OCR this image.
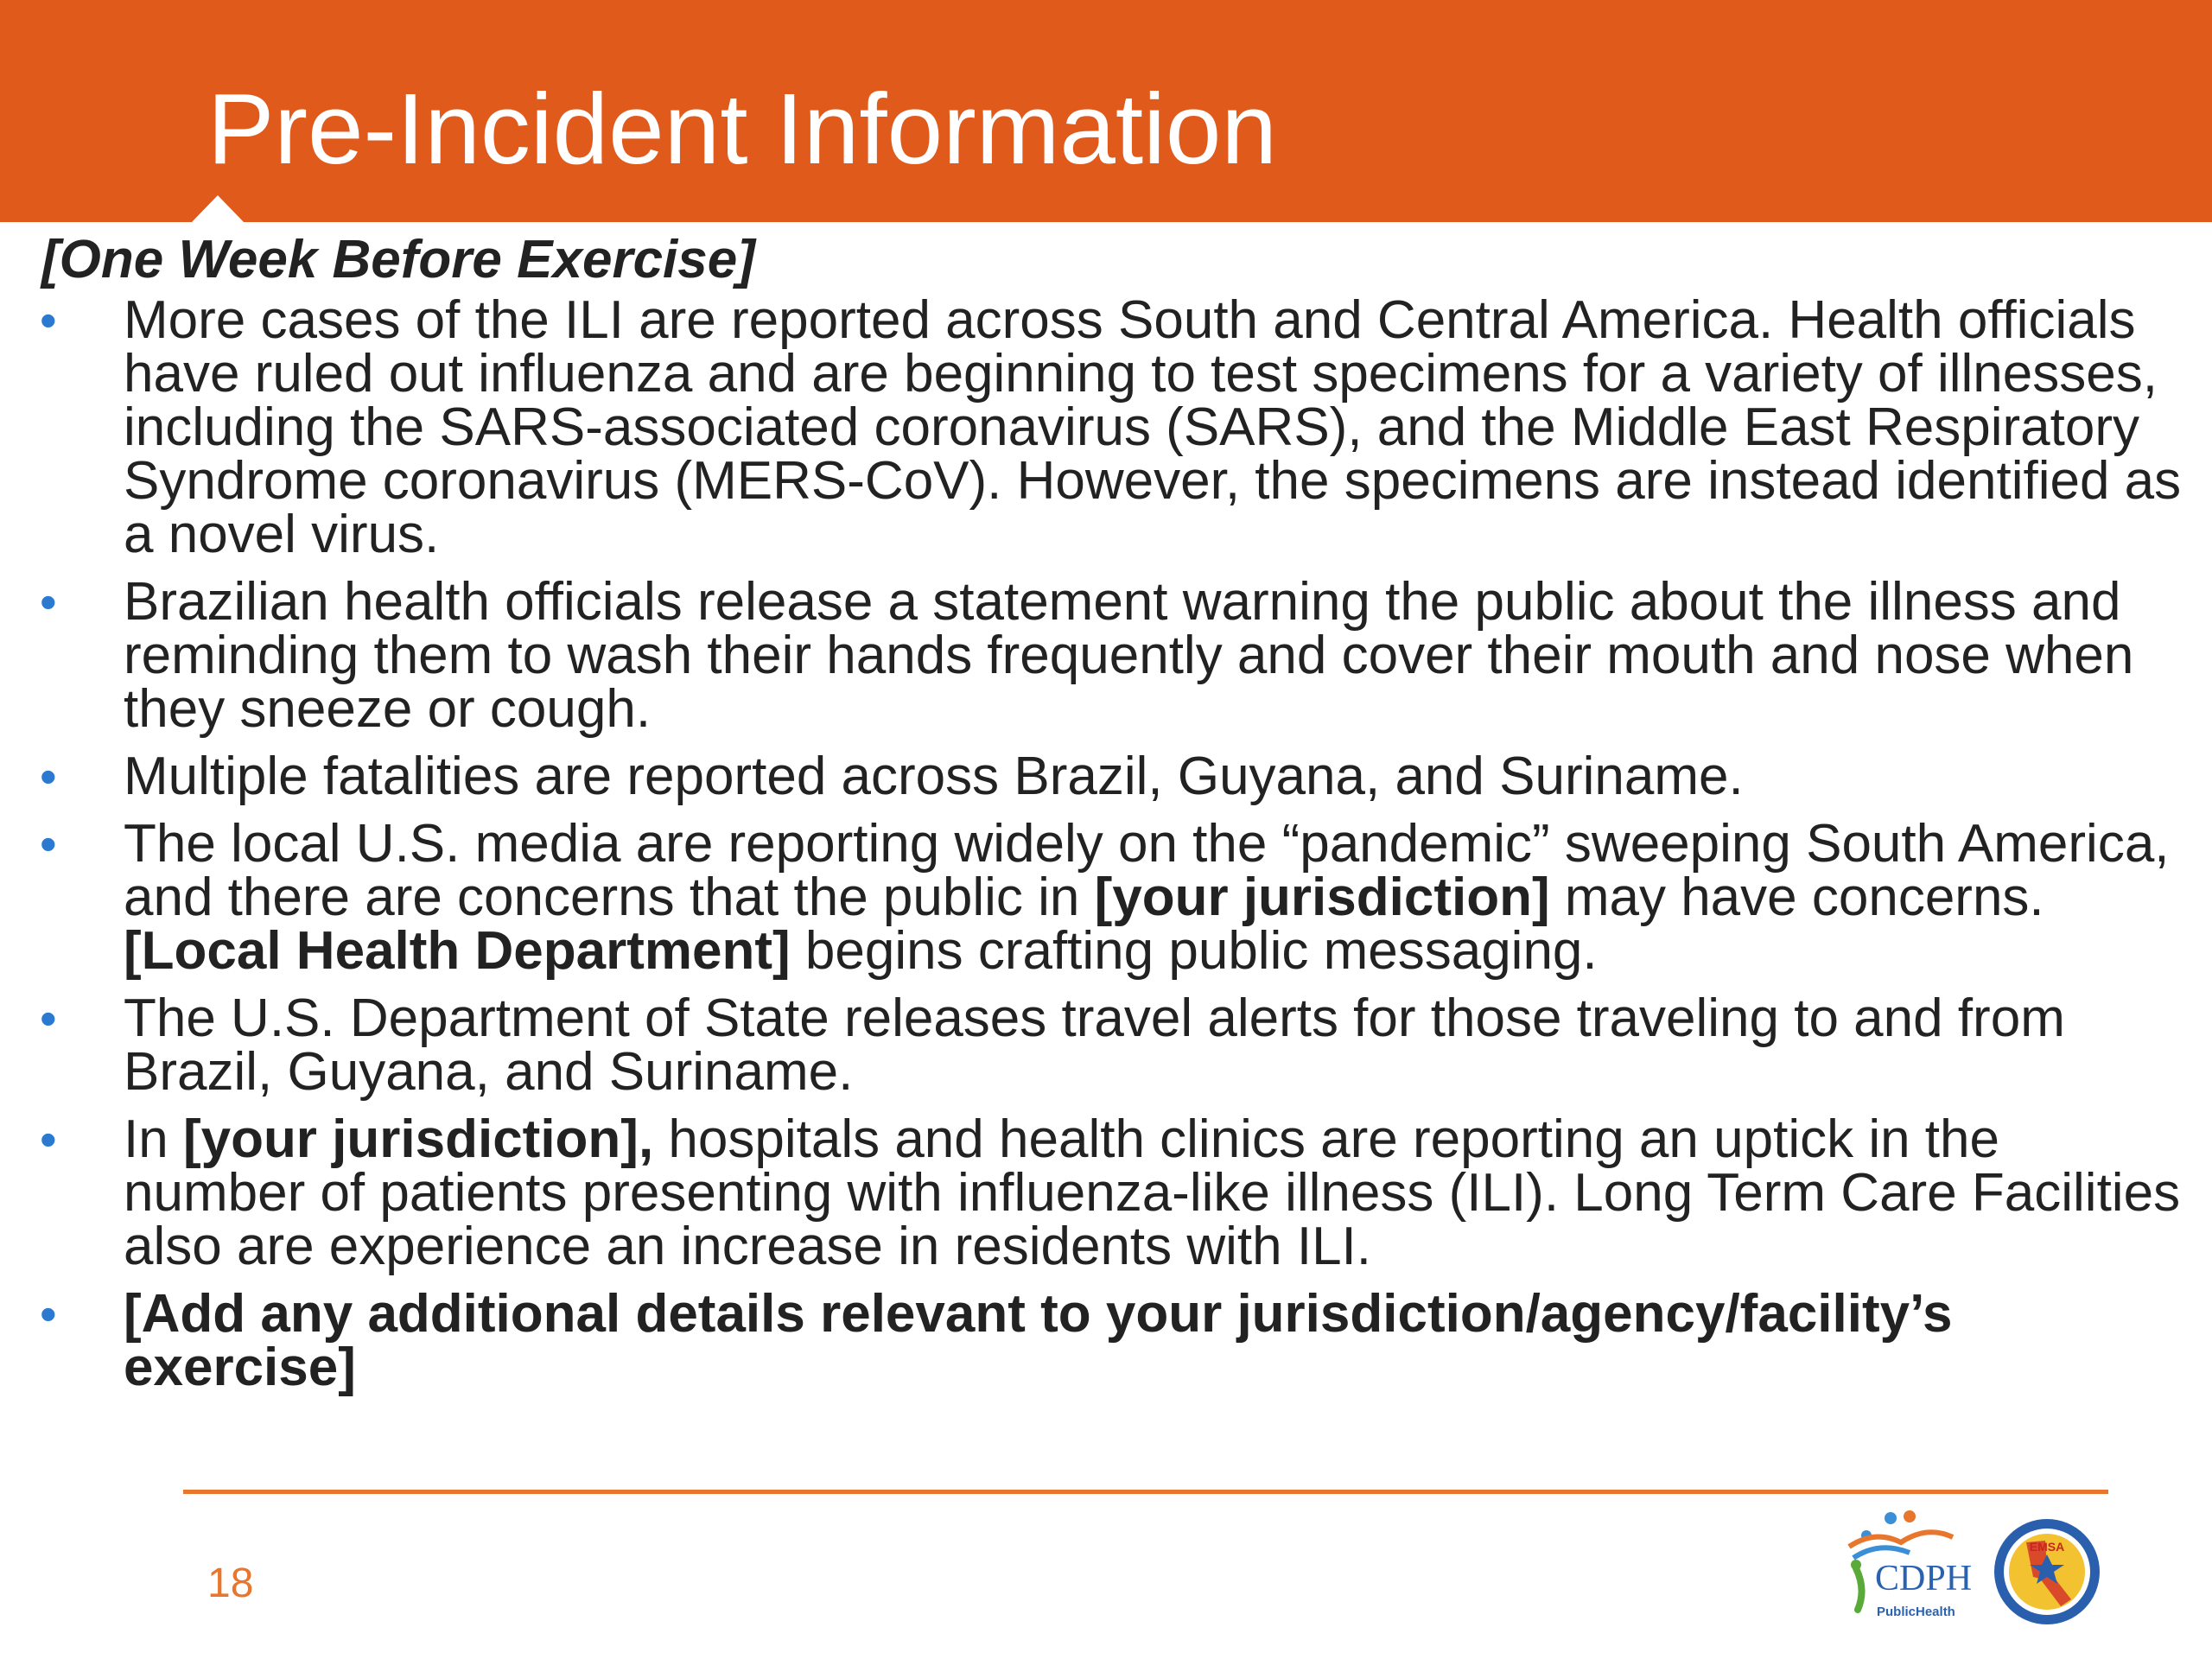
Pre-Incident Information
[One Week Before Exercise]
• More cases of the ILI are reported across South and Central America. Health officials have ruled out influenza and are beginning to test specimens for a variety of illnesses, including the SARS-associated coronavirus (SARS), and the Middle East Respiratory Syndrome coronavirus (MERS-CoV). However, the specimens are instead identified as a novel virus.
• Brazilian health officials release a statement warning the public about the illness and reminding them to wash their hands frequently and cover their mouth and nose when they sneeze or cough.
• Multiple fatalities are reported across Brazil, Guyana, and Suriname.
• The local U.S. media are reporting widely on the “pandemic” sweeping South America, and there are concerns that the public in [your jurisdiction] may have concerns. [Local Health Department] begins crafting public messaging.
• The U.S. Department of State releases travel alerts for those traveling to and from Brazil, Guyana, and Suriname.
• In [your jurisdiction], hospitals and health clinics are reporting an uptick in the number of patients presenting with influenza-like illness (ILI). Long Term Care Facilities also are experience an increase in residents with ILI.
• [Add any additional details relevant to your jurisdiction/agency/facility’s exercise]
18	CDPH
PublicHealth
EMSA
